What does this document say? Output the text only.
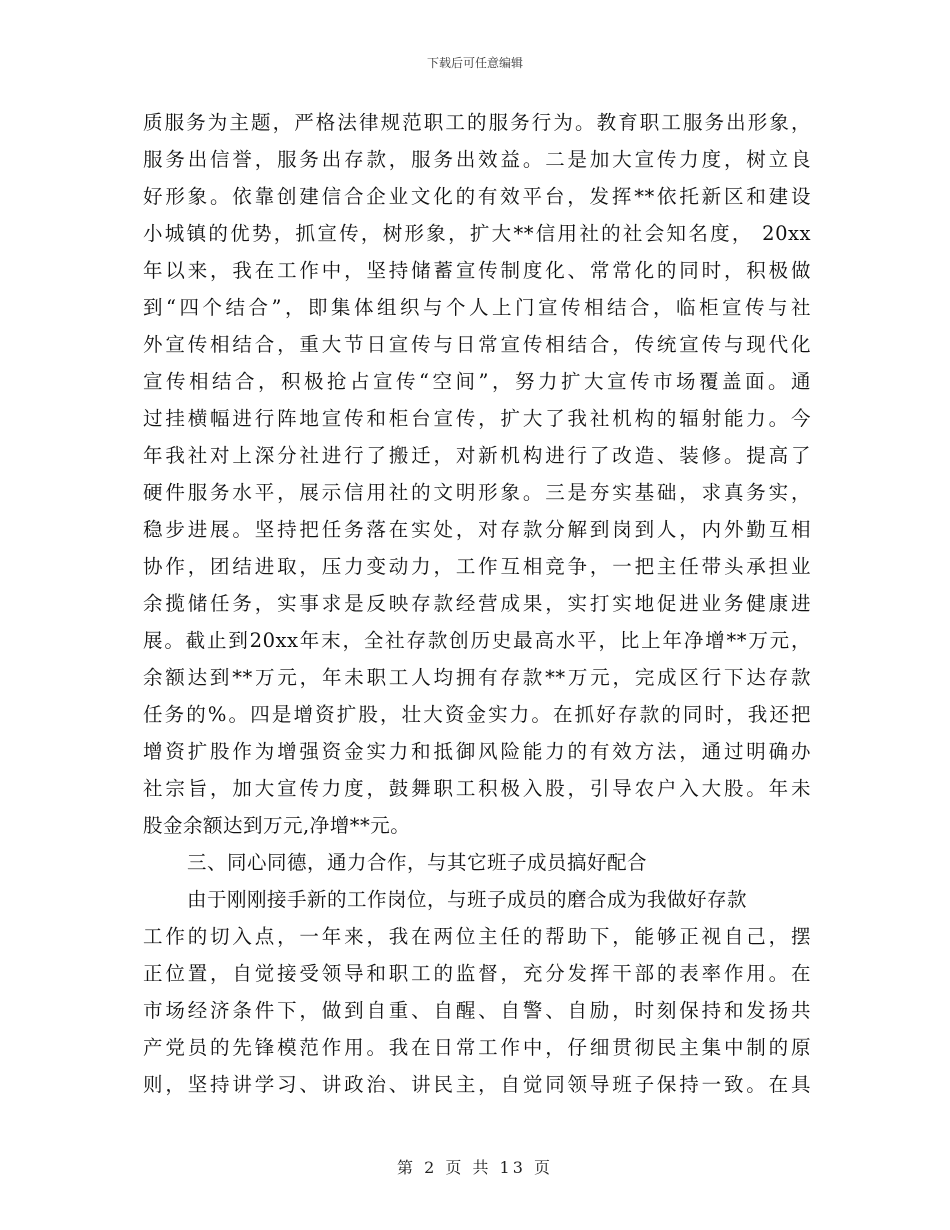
下载后可任意编辑
质服务为主题，严格法律规范职工的服务行为。教育职工服务出形象，
服务出信誉，服务出存款，服务出效益。二是加大宣传力度，树立良
好形象。依靠创建信合企业文化的有效平台，发挥**依托新区和建设
小城镇的优势，抓宣传，树形象，扩大**信用社的社会知名度， 20xx
年以来，我在工作中，坚持储蓄宣传制度化、常常化的同时，积极做
到“四个结合”，即集体组织与个人上门宣传相结合，临柜宣传与社
外宣传相结合，重大节日宣传与日常宣传相结合，传统宣传与现代化
宣传相结合，积极抢占宣传“空间”，努力扩大宣传市场覆盖面。通
过挂横幅进行阵地宣传和柜台宣传，扩大了我社机构的辐射能力。今
年我社对上深分社进行了搬迁，对新机构进行了改造、装修。提高了
硬件服务水平，展示信用社的文明形象。三是夯实基础，求真务实，
稳步进展。坚持把任务落在实处，对存款分解到岗到人，内外勤互相
协作，团结进取，压力变动力，工作互相竞争，一把主任带头承担业
余揽储任务，实事求是反映存款经营成果，实打实地促进业务健康进
展。截止到20xx年末，全社存款创历史最高水平，比上年净增**万元，
余额达到**万元，年未职工人均拥有存款**万元，完成区行下达存款
任务的%。四是增资扩股，壮大资金实力。在抓好存款的同时，我还把
增资扩股作为增强资金实力和抵御风险能力的有效方法，通过明确办
社宗旨，加大宣传力度，鼓舞职工积极入股，引导农户入大股。年未
股金余额达到万元,净增**元。
三、同心同德，通力合作，与其它班子成员搞好配合
由于刚刚接手新的工作岗位，与班子成员的磨合成为我做好存款
工作的切入点，一年来，我在两位主任的帮助下，能够正视自己，摆
正位置，自觉接受领导和职工的监督，充分发挥干部的表率作用。在
市场经济条件下，做到自重、自醒、自警、自励，时刻保持和发扬共
产党员的先锋模范作用。我在日常工作中，仔细贯彻民主集中制的原
则，坚持讲学习、讲政治、讲民主，自觉同领导班子保持一致。在具
第 2 页 共 13 页
